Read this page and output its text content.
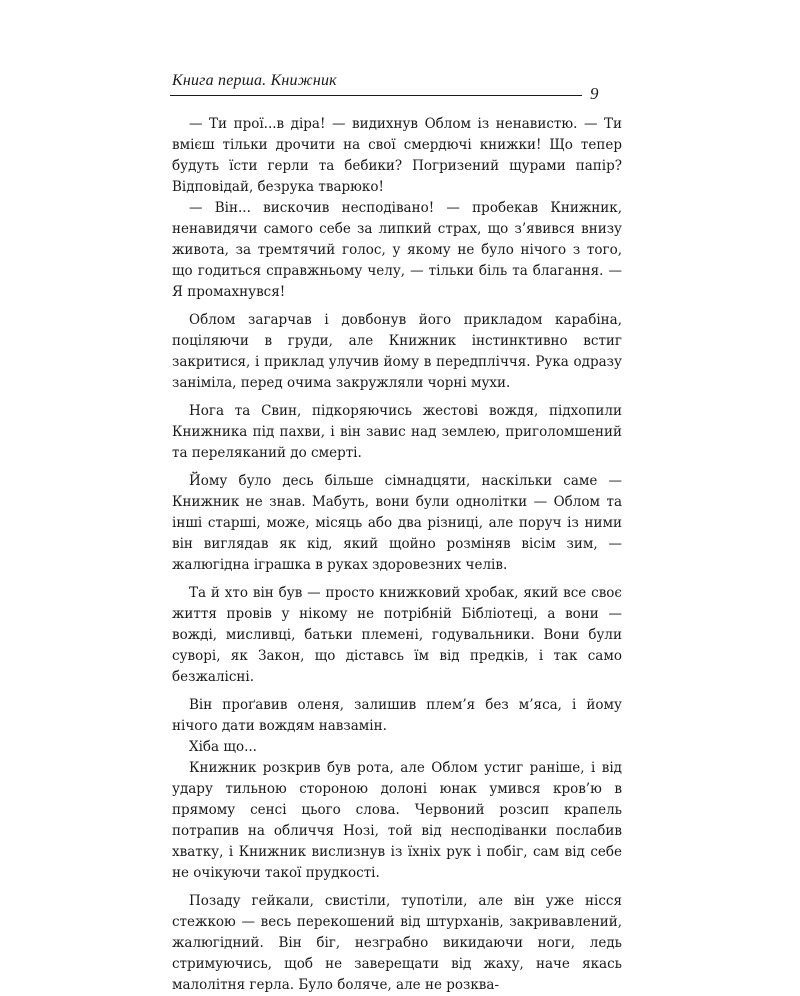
Книга перша. Книжник
9

— Ти прої...в діра! — видихнув Облом із ненавистю. — Ти вмієш тільки дрочити на свої смердючі книжки! Що тепер будуть їсти герли та бебики? Погризений щурами папір? Відповідай, безрука тварюко!

— Він... вискочив несподівано! — пробекав Книжник, ненавидячи самого себе за липкий страх, що з’явився внизу живота, за тремтячий голос, у якому не було нічого з того, що годиться справжньому челу, — тільки біль та благання. — Я промахнувся!

Облом загарчав і довбонув його прикладом карабіна, поціляючи в груди, але Книжник інстинктивно встиг закритися, і приклад улучив йому в передпліччя. Рука одразу заніміла, перед очима закружляли чорні мухи.

Нога та Свин, підкоряючись жестові вождя, підхопили Книжника під пахви, і він завис над землею, приголомшений та переляканий до смерті.

Йому було десь більше сімнадцяти, наскільки саме — Книжник не знав. Мабуть, вони були однолітки — Облом та інші старші, може, місяць або два різниці, але поруч із ними він виглядав як кід, який щойно розміняв вісім зим, — жалюгідна іграшка в руках здоровезних челів.

Та й хто він був — просто книжковий хробак, який все своє життя провів у нікому не потрібній Бібліотеці, а вони — вожді, мисливці, батьки племені, годувальники. Вони були суворі, як Закон, що діставсь їм від предків, і так само безжалісні.

Він проґавив оленя, залишив плем’я без м’яса, і йому нічого дати вождям навзамін.

Хіба що...

Книжник розкрив був рота, але Облом устиг раніше, і від удару тильною стороною долоні юнак умився кров’ю в прямому сенсі цього слова. Червоний розсип крапель потрапив на обличчя Нозі, той від несподіванки послабив хватку, і Книжник вислизнув із їхніх рук і побіг, сам від себе не очікуючи такої прудкості.

Позаду гейкали, свистіли, тупотіли, але він уже нісся стежкою — весь перекошений від штурханів, закривавлений, жалюгідний. Він біг, незграбно викидаючи ноги, ледь стримуючись, щоб не заверещати від жаху, наче якась малолітня герла. Було боляче, але не розква-
